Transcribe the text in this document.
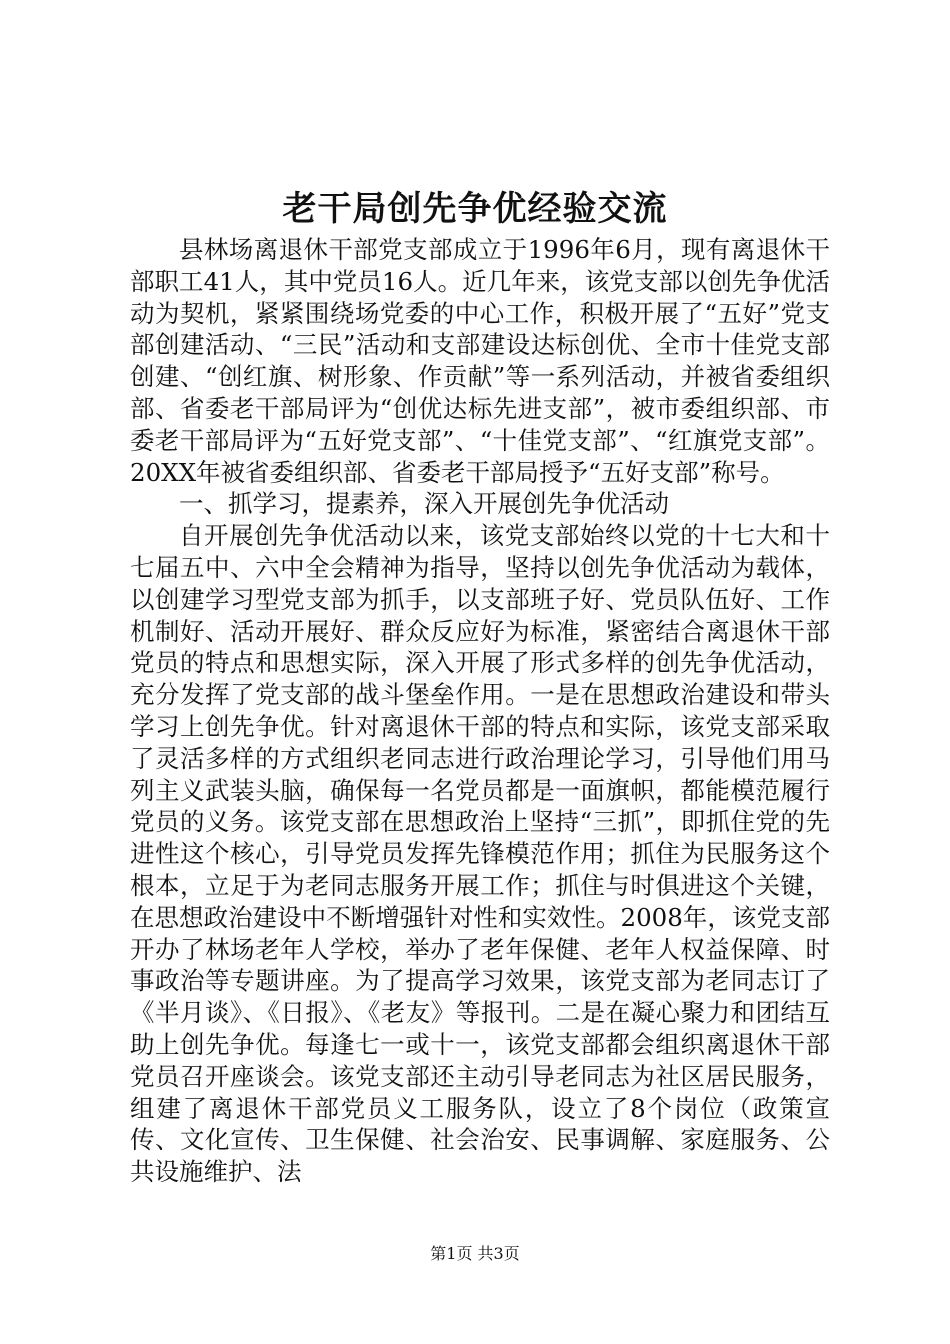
老干局创先争优经验交流

县林场离退休干部党支部成立于1996年6月，现有离退休干部职工41人，其中党员16人。近几年来，该党支部以创先争优活动为契机，紧紧围绕场党委的中心工作，积极开展了“五好”党支部创建活动、“三民”活动和支部建设达标创优、全市十佳党支部创建、“创红旗、树形象、作贡献”等一系列活动，并被省委组织部、省委老干部局评为“创优达标先进支部”，被市委组织部、市委老干部局评为“五好党支部”、“十佳党支部”、“红旗党支部”。20XX年被省委组织部、省委老干部局授予“五好支部”称号。

一、抓学习，提素养，深入开展创先争优活动

自开展创先争优活动以来，该党支部始终以党的十七大和十七届五中、六中全会精神为指导，坚持以创先争优活动为载体，以创建学习型党支部为抓手，以支部班子好、党员队伍好、工作机制好、活动开展好、群众反应好为标准，紧密结合离退休干部党员的特点和思想实际，深入开展了形式多样的创先争优活动，充分发挥了党支部的战斗堡垒作用。一是在思想政治建设和带头学习上创先争优。针对离退休干部的特点和实际，该党支部采取了灵活多样的方式组织老同志进行政治理论学习，引导他们用马列主义武装头脑，确保每一名党员都是一面旗帜，都能模范履行党员的义务。该党支部在思想政治上坚持“三抓”，即抓住党的先进性这个核心，引导党员发挥先锋模范作用；抓住为民服务这个根本，立足于为老同志服务开展工作；抓住与时俱进这个关键，在思想政治建设中不断增强针对性和实效性。2008年，该党支部开办了林场老年人学校，举办了老年保健、老年人权益保障、时事政治等专题讲座。为了提高学习效果，该党支部为老同志订了《半月谈》、《日报》、《老友》等报刊。二是在凝心聚力和团结互助上创先争优。每逢七一或十一，该党支部都会组织离退休干部党员召开座谈会。该党支部还主动引导老同志为社区居民服务，组建了离退休干部党员义工服务队，设立了8个岗位（政策宣传、文化宣传、卫生保健、社会治安、民事调解、家庭服务、公共设施维护、法

第1页 共3页
